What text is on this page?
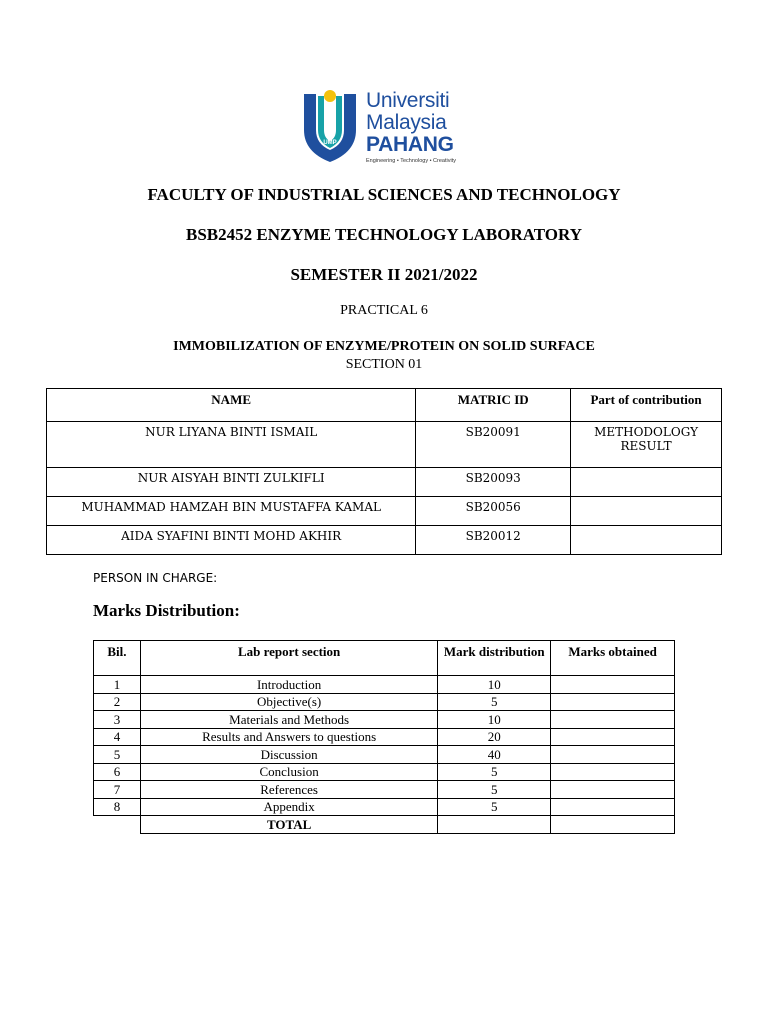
UMP
Universiti
Malaysia
PAHANG
Engineering • Technology • Creativity
FACULTY OF INDUSTRIAL SCIENCES AND TECHNOLOGY
BSB2452 ENZYME TECHNOLOGY LABORATORY
SEMESTER II 2021/2022
PRACTICAL 6
IMMOBILIZATION OF ENZYME/PROTEIN ON SOLID SURFACE
SECTION 01
NAME	MATRIC ID	Part of contribution
NUR LIYANA BINTI ISMAIL	SB20091	METHODOLOGY
RESULT
NUR AISYAH BINTI ZULKIFLI	SB20093	
MUHAMMAD HAMZAH BIN MUSTAFFA KAMAL	SB20056	
AIDA SYAFINI BINTI MOHD AKHIR	SB20012	
PERSON IN CHARGE:
Marks Distribution:
Bil.	Lab report section	Mark distribution	Marks obtained
1	Introduction	10	
2	Objective(s)	5	
3	Materials and Methods	10	
4	Results and Answers to questions	20	
5	Discussion	40	
6	Conclusion	5	
7	References	5	
8	Appendix	5	
	TOTAL		
